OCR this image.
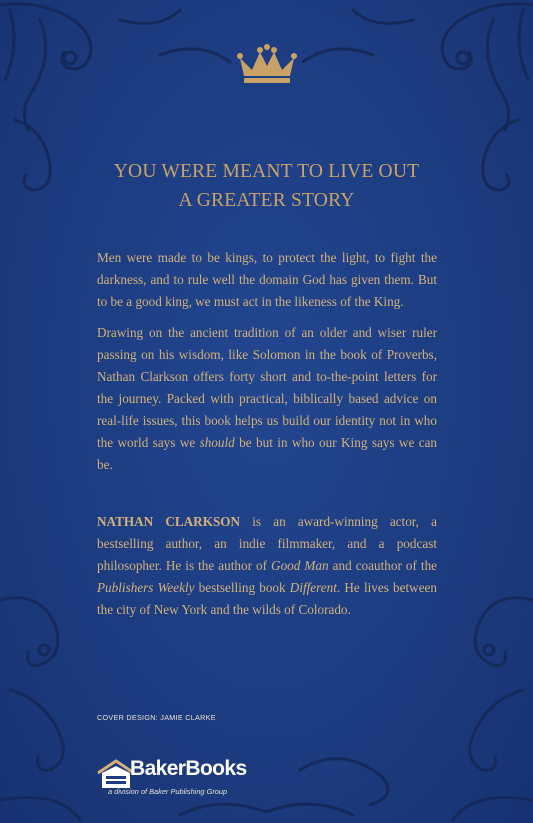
YOU WERE MEANT TO LIVE OUT
A GREATER STORY

Men were made to be kings, to protect the light, to fight the darkness, and to rule well the domain God has given them. But to be a good king, we must act in the likeness of the King.

Drawing on the ancient tradition of an older and wiser ruler passing on his wisdom, like Solomon in the book of Proverbs, Nathan Clarkson offers forty short and to-the-point letters for the journey. Packed with practical, biblically based advice on real-life issues, this book helps us build our identity not in who the world says we should be but in who our King says we can be.

NATHAN CLARKSON is an award-winning actor, a bestselling author, an indie filmmaker, and a podcast philosopher. He is the author of Good Man and coauthor of the Publishers Weekly bestselling book Different. He lives between the city of New York and the wilds of Colorado.

COVER DESIGN: JAMIE CLARKE
BakerBooks
a division of Baker Publishing Group
